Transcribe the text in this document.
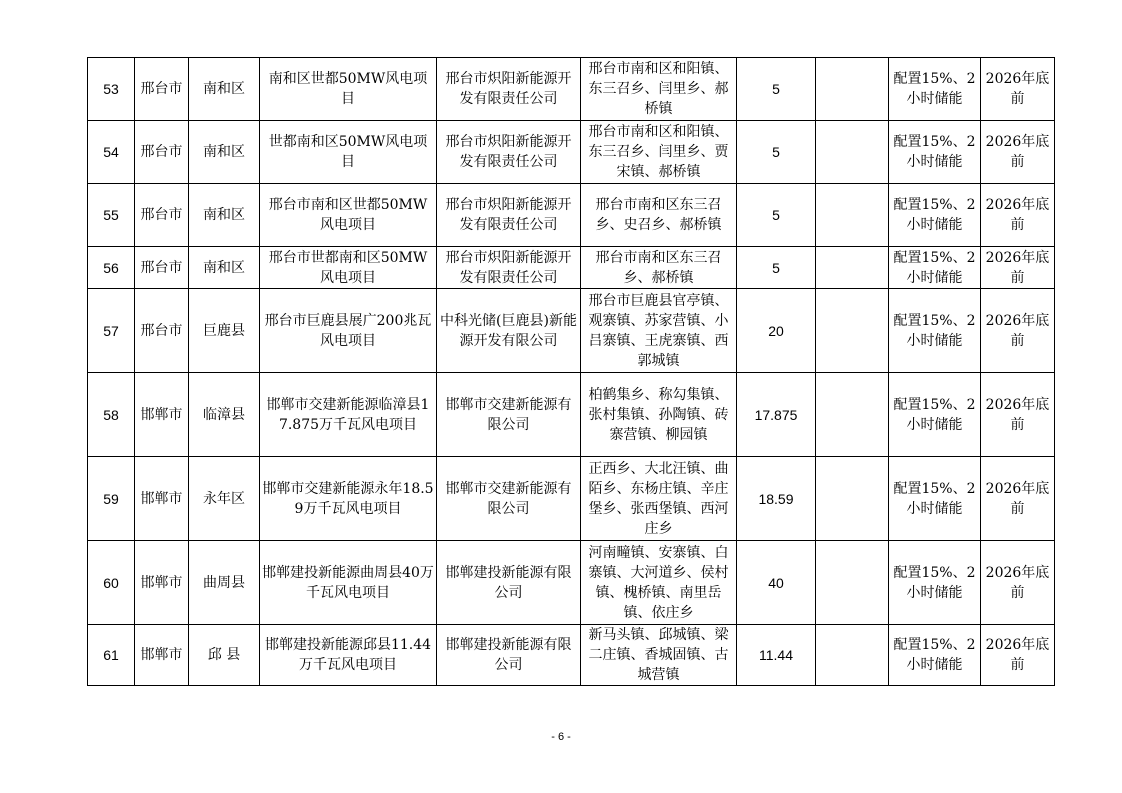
53	邢台市	南和区	南和区世都50MW风电项目	邢台市炽阳新能源开发有限责任公司	邢台市南和区和阳镇、东三召乡、闫里乡、郝桥镇	5		配置15%、2小时储能	2026年底前
54	邢台市	南和区	世都南和区50MW风电项目	邢台市炽阳新能源开发有限责任公司	邢台市南和区和阳镇、东三召乡、闫里乡、贾宋镇、郝桥镇	5		配置15%、2小时储能	2026年底前
55	邢台市	南和区	邢台市南和区世都50MW风电项目	邢台市炽阳新能源开发有限责任公司	邢台市南和区东三召乡、史召乡、郝桥镇	5		配置15%、2小时储能	2026年底前
56	邢台市	南和区	邢台市世都南和区50MW风电项目	邢台市炽阳新能源开发有限责任公司	邢台市南和区东三召乡、郝桥镇	5		配置15%、2小时储能	2026年底前
57	邢台市	巨鹿县	邢台市巨鹿县展广200兆瓦风电项目	中科光储(巨鹿县)新能源开发有限公司	邢台市巨鹿县官亭镇、观寨镇、苏家营镇、小吕寨镇、王虎寨镇、西郭城镇	20		配置15%、2小时储能	2026年底前
58	邯郸市	临漳县	邯郸市交建新能源临漳县17.875万千瓦风电项目	邯郸市交建新能源有限公司	柏鹤集乡、称勾集镇、张村集镇、孙陶镇、砖寨营镇、柳园镇	17.875		配置15%、2小时储能	2026年底前
59	邯郸市	永年区	邯郸市交建新能源永年18.59万千瓦风电项目	邯郸市交建新能源有限公司	正西乡、大北汪镇、曲陌乡、东杨庄镇、辛庄堡乡、张西堡镇、西河庄乡	18.59		配置15%、2小时储能	2026年底前
60	邯郸市	曲周县	邯郸建投新能源曲周县40万千瓦风电项目	邯郸建投新能源有限公司	河南疃镇、安寨镇、白寨镇、大河道乡、侯村镇、槐桥镇、南里岳镇、依庄乡	40		配置15%、2小时储能	2026年底前
61	邯郸市	邱 县	邯郸建投新能源邱县11.44万千瓦风电项目	邯郸建投新能源有限公司	新马头镇、邱城镇、梁二庄镇、香城固镇、古城营镇	11.44		配置15%、2小时储能	2026年底前
- 6 -
